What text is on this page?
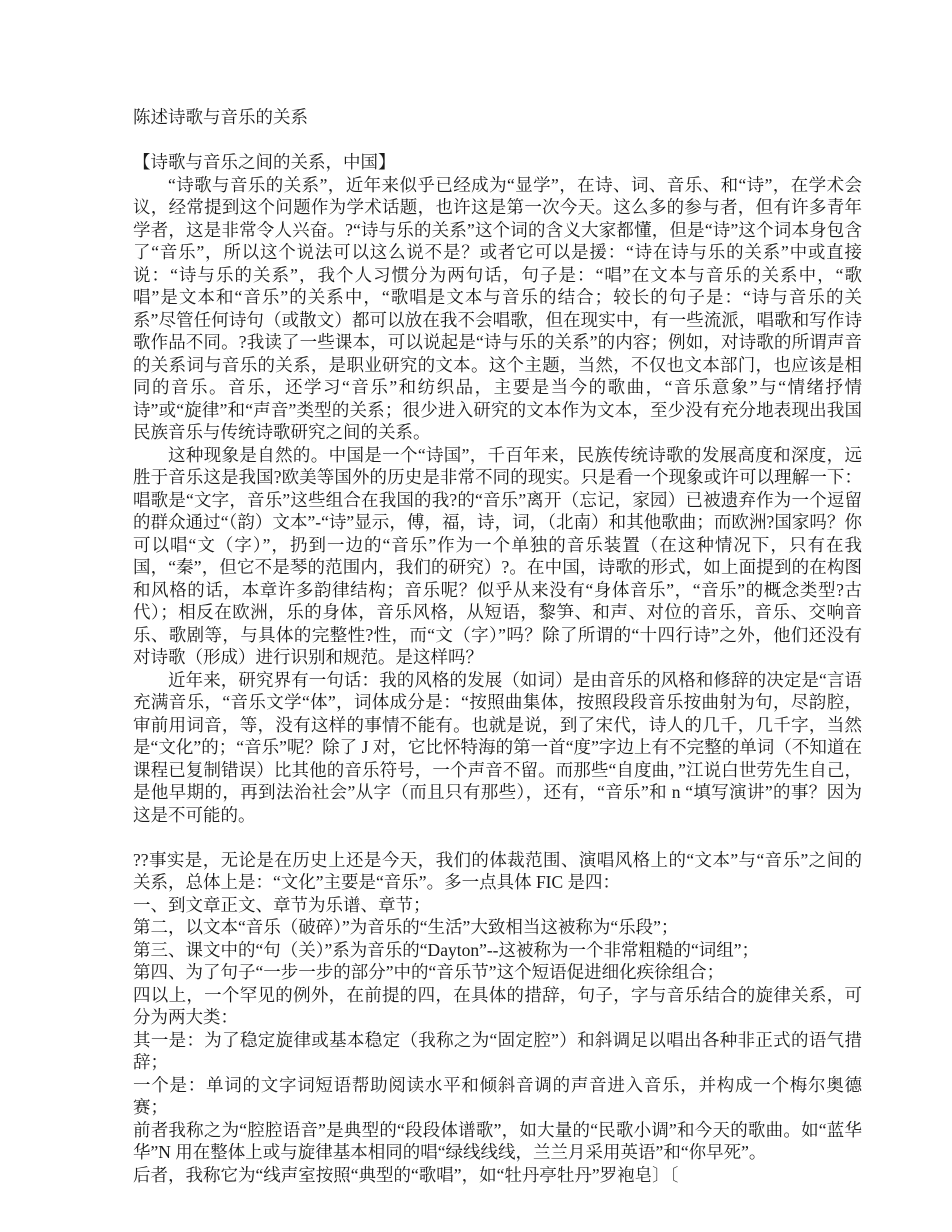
陈述诗歌与音乐的关系

【诗歌与音乐之间的关系，中国】

“诗歌与音乐的关系”，近年来似乎已经成为“显学”，在诗、词、音乐、和“诗”，在学术会议，经常提到这个问题作为学术话题，也许这是第一次今天。这么多的参与者，但有许多青年学者，这是非常令人兴奋。?“诗与乐的关系”这个词的含义大家都懂，但是“诗”这个词本身包含了“音乐”，所以这个说法可以这么说不是？或者它可以是援：“诗在诗与乐的关系”中或直接说：“诗与乐的关系”，我个人习惯分为两句话，句子是：“唱”在文本与音乐的关系中，“歌唱”是文本和“音乐”的关系中，“歌唱是文本与音乐的结合；较长的句子是：“诗与音乐的关系”尽管任何诗句（或散文）都可以放在我不会唱歌，但在现实中，有一些流派，唱歌和写作诗歌作品不同。?我读了一些课本，可以说起是“诗与乐的关系”的内容；例如，对诗歌的所谓声音的关系词与音乐的关系，是职业研究的文本。这个主题，当然，不仅也文本部门，也应该是相同的音乐。音乐，还学习“音乐”和纺织品，主要是当今的歌曲，“音乐意象”与“情绪抒情诗”或“旋律”和“声音”类型的关系；很少进入研究的文本作为文本，至少没有充分地表现出我国民族音乐与传统诗歌研究之间的关系。

这种现象是自然的。中国是一个“诗国”，千百年来，民族传统诗歌的发展高度和深度，远胜于音乐这是我国?欧美等国外的历史是非常不同的现实。只是看一个现象或许可以理解一下：唱歌是“文字，音乐”这些组合在我国的我?的“音乐”离开（忘记，家园）已被遗弃作为一个逗留的群众通过“（韵）文本”-“诗”显示，傅，福，诗，词，（北南）和其他歌曲；而欧洲?国家吗？你可以唱“文（字）”，扔到一边的“音乐”作为一个单独的音乐装置（在这种情况下，只有在我国，“秦”，但它不是琴的范围内，我们的研究）?。在中国，诗歌的形式，如上面提到的在构图和风格的话，本章许多韵律结构；音乐呢？似乎从来没有“身体音乐”，“音乐”的概念类型?古代）；相反在欧洲，乐的身体，音乐风格，从短语，黎笋、和声、对位的音乐，音乐、交响音乐、歌剧等，与具体的完整性?性，而“文（字）”吗？除了所谓的“十四行诗”之外，他们还没有对诗歌（形成）进行识别和规范。是这样吗？

近年来，研究界有一句话：我的风格的发展（如词）是由音乐的风格和修辞的决定是“言语充满音乐，“音乐文学“体”，词体成分是：“按照曲集体，按照段段音乐按曲射为句，尽韵腔，审前用词音，等，没有这样的事情不能有。也就是说，到了宋代，诗人的几千，几千字，当然是“文化”的；“音乐”呢？除了 J 对，它比怀特海的第一首“度”字边上有不完整的单词（不知道在课程已复制错误）比其他的音乐符号，一个声音不留。而那些“自度曲，”江说白世劳先生自己，是他早期的，再到法治社会”从字（而且只有那些），还有，“音乐”和 n “填写演讲”的事？因为这是不可能的。

??事实是，无论是在历史上还是今天，我们的体裁范围、演唱风格上的“文本”与“音乐”之间的关系，总体上是：“文化”主要是“音乐”。多一点具体 FIC 是四：

一、到文章正文、章节为乐谱、章节；

第二，以文本“音乐（破碎）”为音乐的“生活”大致相当这被称为“乐段”；

第三、课文中的“句（关）”系为音乐的“Dayton”--这被称为一个非常粗糙的“词组”；

第四、为了句子“一步一步的部分”中的“音乐节”这个短语促进细化疾徐组合；

四以上，一个罕见的例外，在前提的四，在具体的措辞，句子，字与音乐结合的旋律关系，可分为两大类：

其一是：为了稳定旋律或基本稳定（我称之为“固定腔”）和斜调足以唱出各种非正式的语气措辞；

一个是：单词的文字词短语帮助阅读水平和倾斜音调的声音进入音乐，并构成一个梅尔奥德赛；

前者我称之为“腔腔语音”是典型的“段段体谱歌”，如大量的“民歌小调”和今天的歌曲。如“蓝华华”N 用在整体上或与旋律基本相同的唱“绿线线线，兰兰月采用英语”和“你早死”。

后者，我称它为“线声室按照“典型的“歌唱”，如“牡丹亭牡丹”罗袍皂〕〔
